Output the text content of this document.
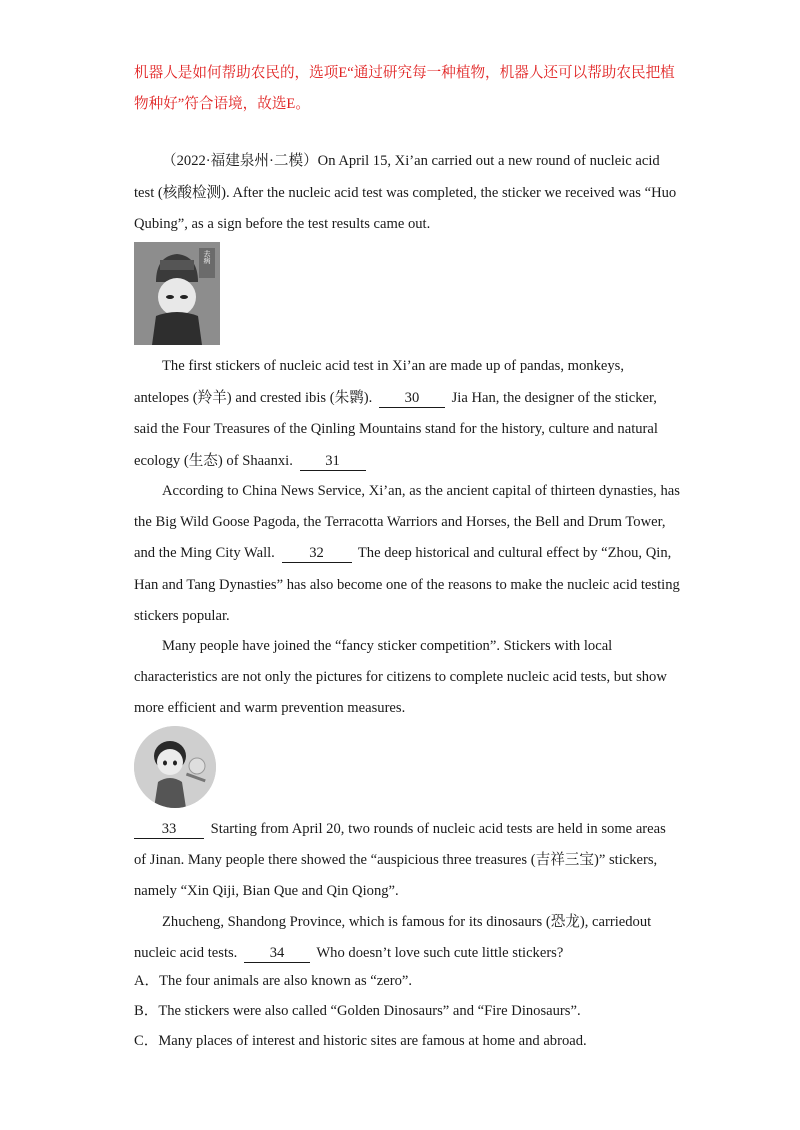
机器人是如何帮助农民的，选项E“通过研究每一种植物，机器人还可以帮助农民把植
物种好”符合语境，故选E。
（2022·福建泉州·二模）On April 15, Xi’an carried out a new round of nucleic acid
test (核酸检测). After the nucleic acid test was completed, the sticker we received was “Huo
Qubing”, as a sign before the test results came out.
去病
The first stickers of nucleic acid test in Xi’an are made up of pandas, monkeys,
antelopes (羚羊) and crested ibis (朱鹮). 30 Jia Han, the designer of the sticker,
said the Four Treasures of the Qinling Mountains stand for the history, culture and natural
ecology (生态) of Shaanxi. 31
According to China News Service, Xi’an, as the ancient capital of thirteen dynasties, has
the Big Wild Goose Pagoda, the Terracotta Warriors and Horses, the Bell and Drum Tower,
and the Ming City Wall. 32 The deep historical and cultural effect by “Zhou, Qin,
Han and Tang Dynasties” has also become one of the reasons to make the nucleic acid testing
stickers popular.
Many people have joined the “fancy sticker competition”. Stickers with local
characteristics are not only the pictures for citizens to complete nucleic acid tests, but show
more efficient and warm prevention measures.
33 Starting from April 20, two rounds of nucleic acid tests are held in some areas
of Jinan. Many people there showed the “auspicious three treasures (吉祥三宝)” stickers,
namely “Xin Qiji, Bian Que and Qin Qiong”.
Zhucheng, Shandong Province, which is famous for its dinosaurs (恐龙), carriedout
nucleic acid tests. 34 Who doesn’t love such cute little stickers?
A．The four animals are also known as “zero”.
B．The stickers were also called “Golden Dinosaurs” and “Fire Dinosaurs”.
C．Many places of interest and historic sites are famous at home and abroad.
